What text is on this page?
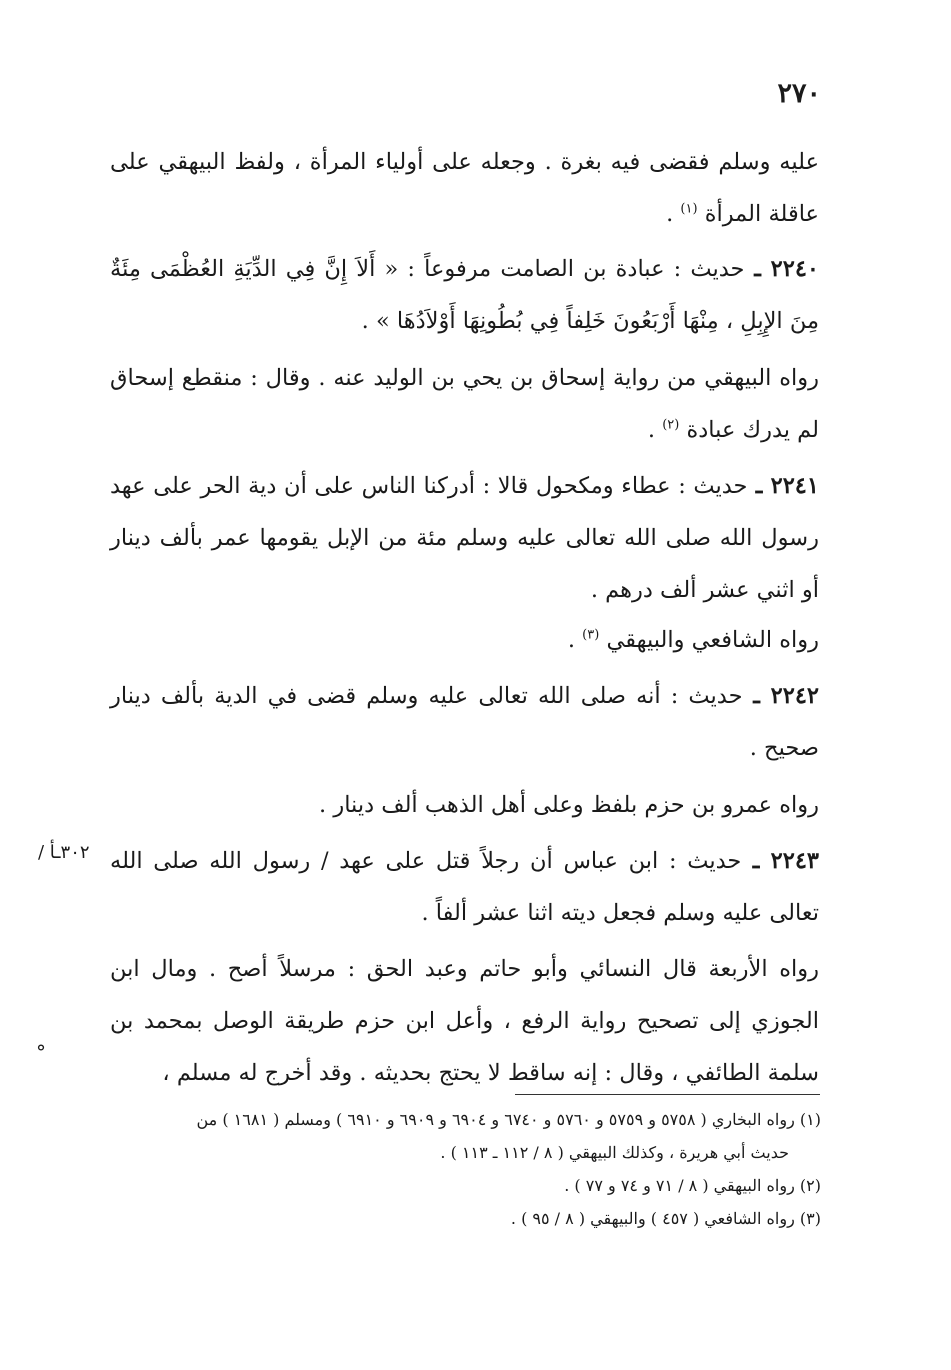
٢٧٠
عليه وسلم فقضى فيه بغرة . وجعله على أولياء المرأة ، ولفظ البيهقي على عاقلة المرأة $^{(١)}$ .
٢٢٤٠ ـ حديث : عبادة بن الصامت مرفوعاً : « أَلاَ إِنَّ فِي الدِّيَةِ العُظْمَى مِئَةٌ مِنَ الإِبِلِ ، مِنْهَا أَرْبَعُونَ خَلِفاً فِي بُطُونِهَا أَوْلاَدُهَا » .
رواه البيهقي من رواية إسحاق بن يحي بن الوليد عنه . وقال : منقطع إسحاق لم يدرك عبادة $^{(٢)}$ .
٢٢٤١ ـ حديث : عطاء ومكحول قالا : أدركنا الناس على أن دية الحر على عهد رسول الله صلى الله تعالى عليه وسلم مئة من الإبل يقومها عمر بألف دينار أو اثني عشر ألف درهم .
رواه الشافعي والبيهقي $^{(٣)}$ .
٢٢٤٢ ـ حديث : أنه صلى الله تعالى عليه وسلم قضى في الدية بألف دينار صحيح .
رواه عمرو بن حزم بلفظ وعلى أهل الذهب ألف دينار .
٢٢٤٣ ـ حديث : ابن عباس أن رجلاً قتل على عهد / رسول الله صلى الله تعالى عليه وسلم فجعل ديته اثنا عشر ألفاً .
رواه الأربعة قال النسائي وأبو حاتم وعبد الحق : مرسلاً أصح . ومال ابن الجوزي إلى تصحيح رواية الرفع ، وأعل ابن حزم طريقة الوصل بمحمد بن سلمة الطائفي ، وقال : إنه ساقط لا يحتج بحديثه . وقد أخرج له مسلم ،
٣٠٢ـأ /
°
(١) رواه البخاري ( ٥٧٥٨ و ٥٧٥٩ و ٥٧٦٠ و ٦٧٤٠ و ٦٩٠٤ و ٦٩٠٩ و ٦٩١٠ ) ومسلم ( ١٦٨١ ) من
حديث أبي هريرة ، وكذلك البيهقي ( ٨ / ١١٢ ـ ١١٣ ) .
(٢) رواه البيهقي ( ٨ / ٧١ و ٧٤ و ٧٧ ) .
(٣) رواه الشافعي ( ٤٥٧ ) والبيهقي ( ٨ / ٩٥ ) .
